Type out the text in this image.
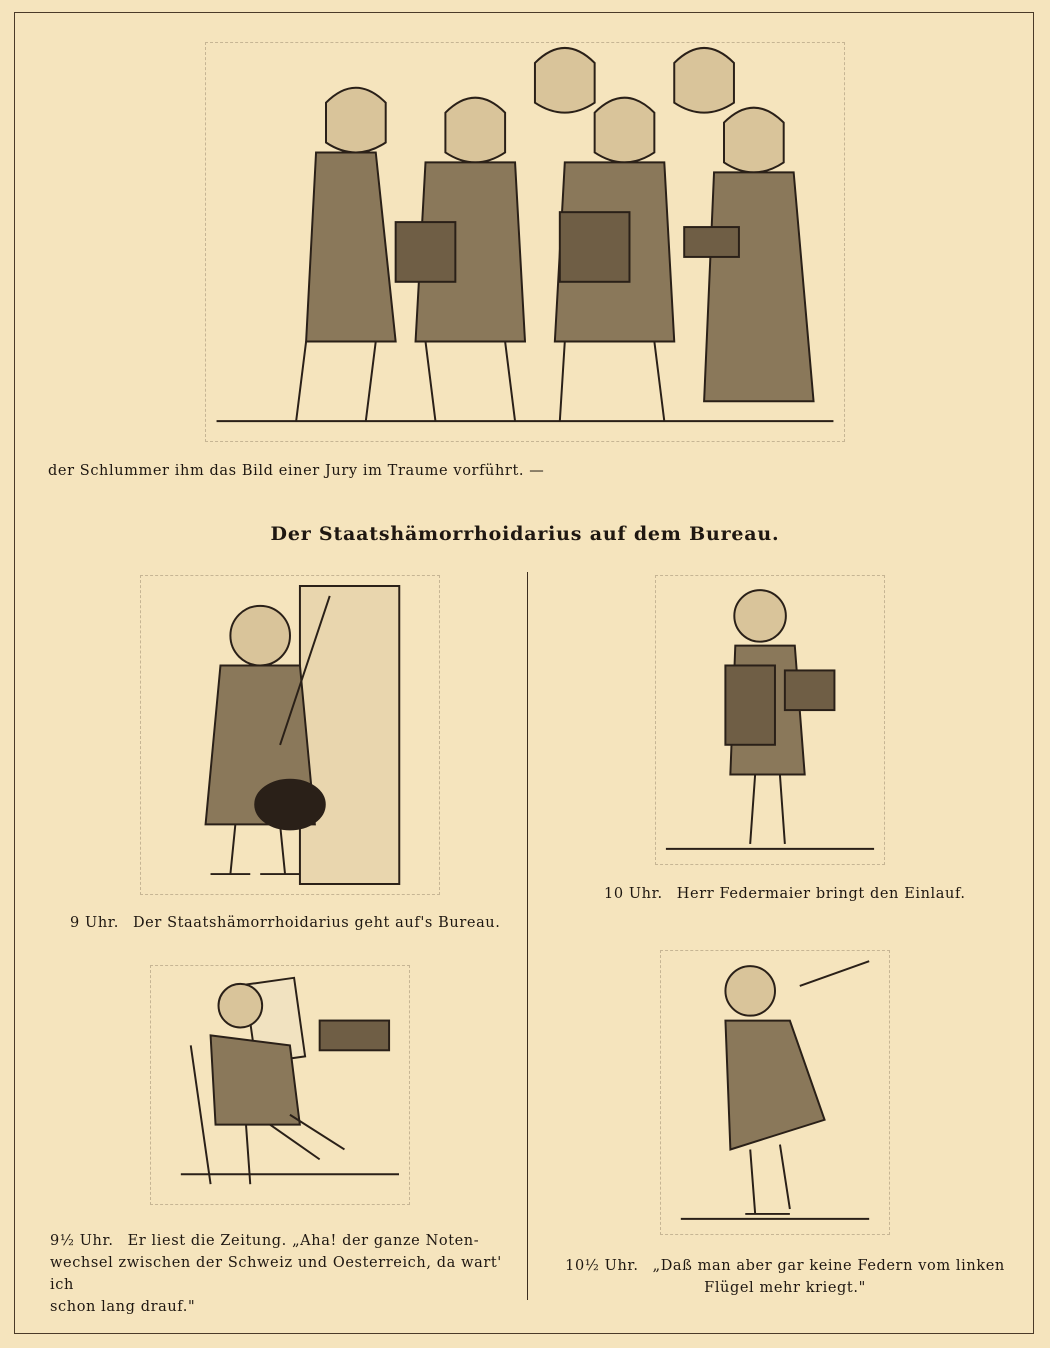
der Schlummer ihm das Bild einer Jury im Traume vorführt. —
Der Staatshämorrhoidarius auf dem Bureau.
9 Uhr. Der Staatshämorrhoidarius geht auf's Bureau.
10 Uhr. Herr Federmaier bringt den Einlauf.
9½ Uhr. Er liest die Zeitung. „Aha! der ganze Noten-
wechsel zwischen der Schweiz und Oesterreich, da wart' ich
schon lang drauf."
10½ Uhr. „Daß man aber gar keine Federn vom linken
Flügel mehr kriegt."
